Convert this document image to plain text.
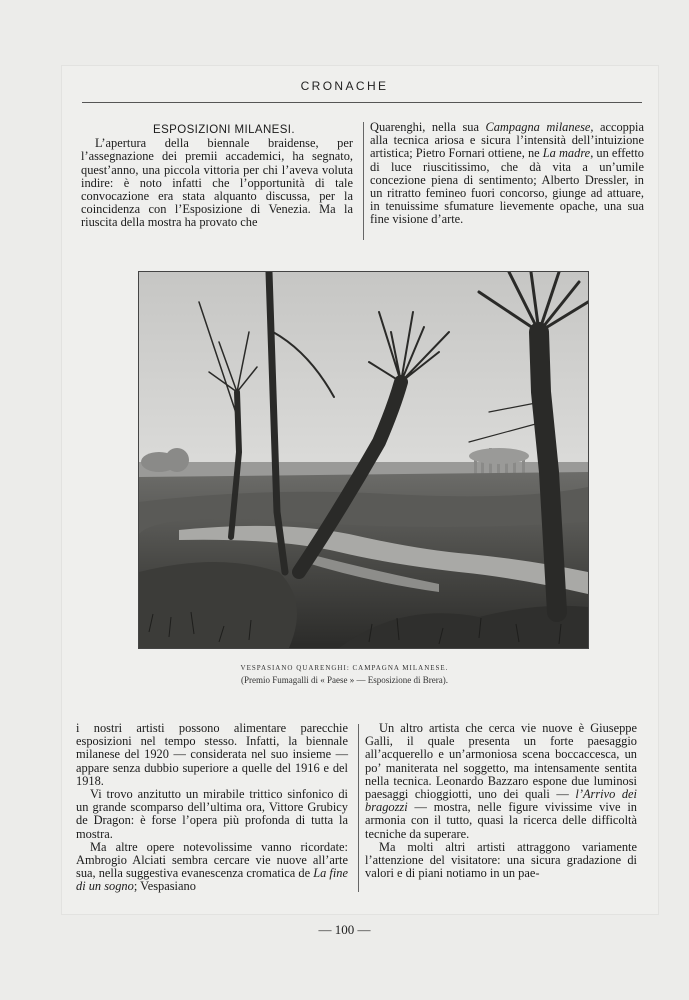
CRONACHE

ESPOSIZIONI MILANESI.

L’apertura della biennale braidense, per l’assegnazione dei premii accademici, ha segnato, quest’anno, una piccola vittoria per chi l’aveva voluta indire: è noto infatti che l’opportunità di tale convocazione era stata alquanto discussa, per la coincidenza con l’Esposizione di Venezia. Ma la riuscita della mostra ha provato che

Quarenghi, nella sua Campagna milanese, accoppia alla tecnica ariosa e sicura l’intensità dell’intuizione artistica; Pietro Fornari ottiene, ne La madre, un effetto di luce riuscitissimo, che dà vita a un’umile concezione piena di sentimento; Alberto Dressler, in un ritratto femineo fuori concorso, giunge ad attuare, in tenuissime sfumature lievemente opache, una sua fine visione d’arte.

VESPASIANO QUARENGHI: CAMPAGNA MILANESE.
(Premio Fumagalli di « Paese » — Esposizione di Brera).

i nostri artisti possono alimentare parecchie esposizioni nel tempo stesso. Infatti, la biennale milanese del 1920 — considerata nel suo insieme — appare senza dubbio superiore a quelle del 1916 e del 1918.

Vi trovo anzitutto un mirabile trittico sinfonico di un grande scomparso dell’ultima ora, Vittore Grubicy de Dragon: è forse l’opera più profonda di tutta la mostra.

Ma altre opere notevolissime vanno ricordate: Ambrogio Alciati sembra cercare vie nuove all’arte sua, nella suggestiva evanescenza cromatica de La fine di un sogno; Vespasiano

Un altro artista che cerca vie nuove è Giuseppe Galli, il quale presenta un forte paesaggio all’acquerello e un’armoniosa scena boccaccesca, un po’ maniterata nel soggetto, ma intensamente sentita nella tecnica. Leonardo Bazzaro espone due luminosi paesaggi chioggiotti, uno dei quali — l’Arrivo dei bragozzi — mostra, nelle figure vivissime vive in armonia con il tutto, quasi la ricerca delle difficoltà tecniche da superare.

Ma molti altri artisti attraggono variamente l’attenzione del visitatore: una sicura gradazione di valori e di piani notiamo in un pae-

— 100 —
